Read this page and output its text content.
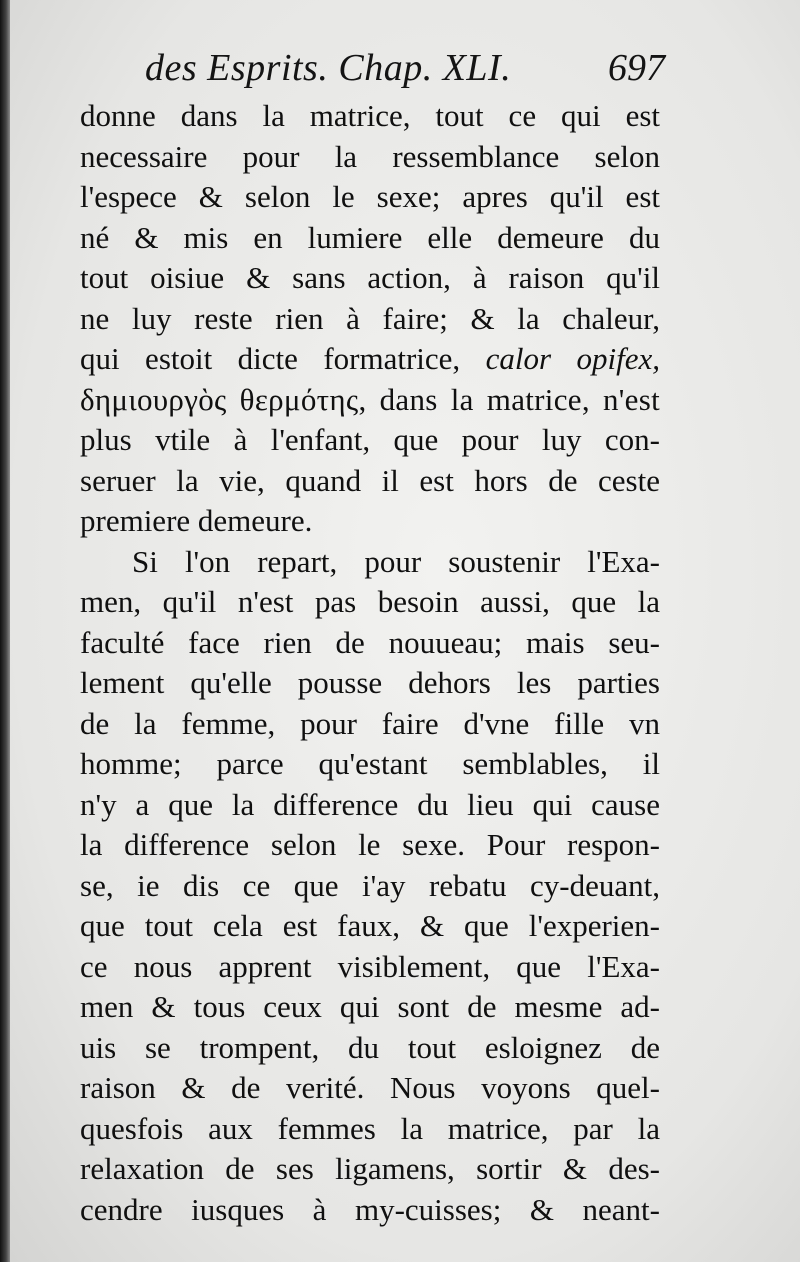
des Esprits. Chap. XLI.	697
donne dans la matrice, tout ce qui est
necessaire pour la ressemblance selon
l'espece & selon le sexe; apres qu'il est
né & mis en lumiere elle demeure du
tout oisiue & sans action, à raison qu'il
ne luy reste rien à faire; & la chaleur,
qui estoit dicte formatrice, calor opifex,
δημιουργὸς θερμότης, dans la matrice, n'est
plus vtile à l'enfant, que pour luy con-
seruer la vie, quand il est hors de ceste
premiere demeure.
Si l'on repart, pour soustenir l'Exa-
men, qu'il n'est pas besoin aussi, que la
faculté face rien de nouueau; mais seu-
lement qu'elle pousse dehors les parties
de la femme, pour faire d'vne fille vn
homme; parce qu'estant semblables, il
n'y a que la difference du lieu qui cause
la difference selon le sexe. Pour respon-
se, ie dis ce que i'ay rebatu cy-deuant,
que tout cela est faux, & que l'experien-
ce nous apprent visiblement, que l'Exa-
men & tous ceux qui sont de mesme ad-
uis se trompent, du tout esloignez de
raison & de verité. Nous voyons quel-
quesfois aux femmes la matrice, par la
relaxation de ses ligamens, sortir & des-
cendre iusques à my-cuisses; & neant-
